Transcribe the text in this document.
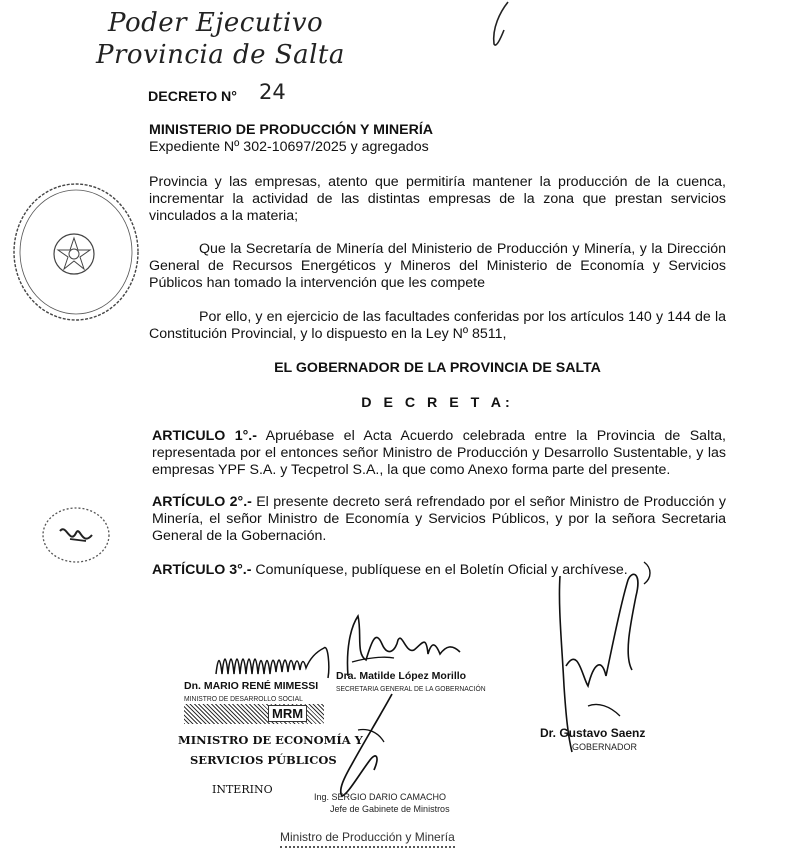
Poder Ejecutivo
Provincia de Salta
DECRETO N° 24
MINISTERIO DE PRODUCCIÓN Y MINERÍA
Expediente Nº 302-10697/2025 y agregados
Provincia y las empresas, atento que permitiría mantener la producción de la cuenca, incrementar la actividad de las distintas empresas de la zona que prestan servicios vinculados a la materia;
Que la Secretaría de Minería del Ministerio de Producción y Minería, y la Dirección General de Recursos Energéticos y Mineros del Ministerio de Economía y Servicios Públicos han tomado la intervención que les compete
Por ello, y en ejercicio de las facultades conferidas por los artículos 140 y 144 de la Constitución Provincial, y lo dispuesto en la Ley Nº 8511,
EL GOBERNADOR DE LA PROVINCIA DE SALTA
D E C R E T A:
ARTICULO 1°.- Apruébase el Acta Acuerdo celebrada entre la Provincia de Salta, representada por el entonces señor Ministro de Producción y Desarrollo Sustentable, y las empresas YPF S.A. y Tecpetrol S.A., la que como Anexo forma parte del presente.
ARTÍCULO 2°.- El presente decreto será refrendado por el señor Ministro de Producción y Minería, el señor Ministro de Economía y Servicios Públicos, y por la señora Secretaria General de la Gobernación.
ARTÍCULO 3°.- Comuníquese, publíquese en el Boletín Oficial y archívese.
Dn. MARIO RENÉ MIMESSI
MINISTRO DE DESARROLLO SOCIAL
MRM
MINISTRO DE ECONOMÍA Y
SERVICIOS PÚBLICOS
INTERINO
Dra. Matilde López Morillo
SECRETARIA GENERAL DE LA GOBERNACIÓN
Ing. SERGIO DARIO CAMACHO
Jefe de Gabinete de Ministros
Ministro de Producción y Minería
Dr. Gustavo Saenz
GOBERNADOR
